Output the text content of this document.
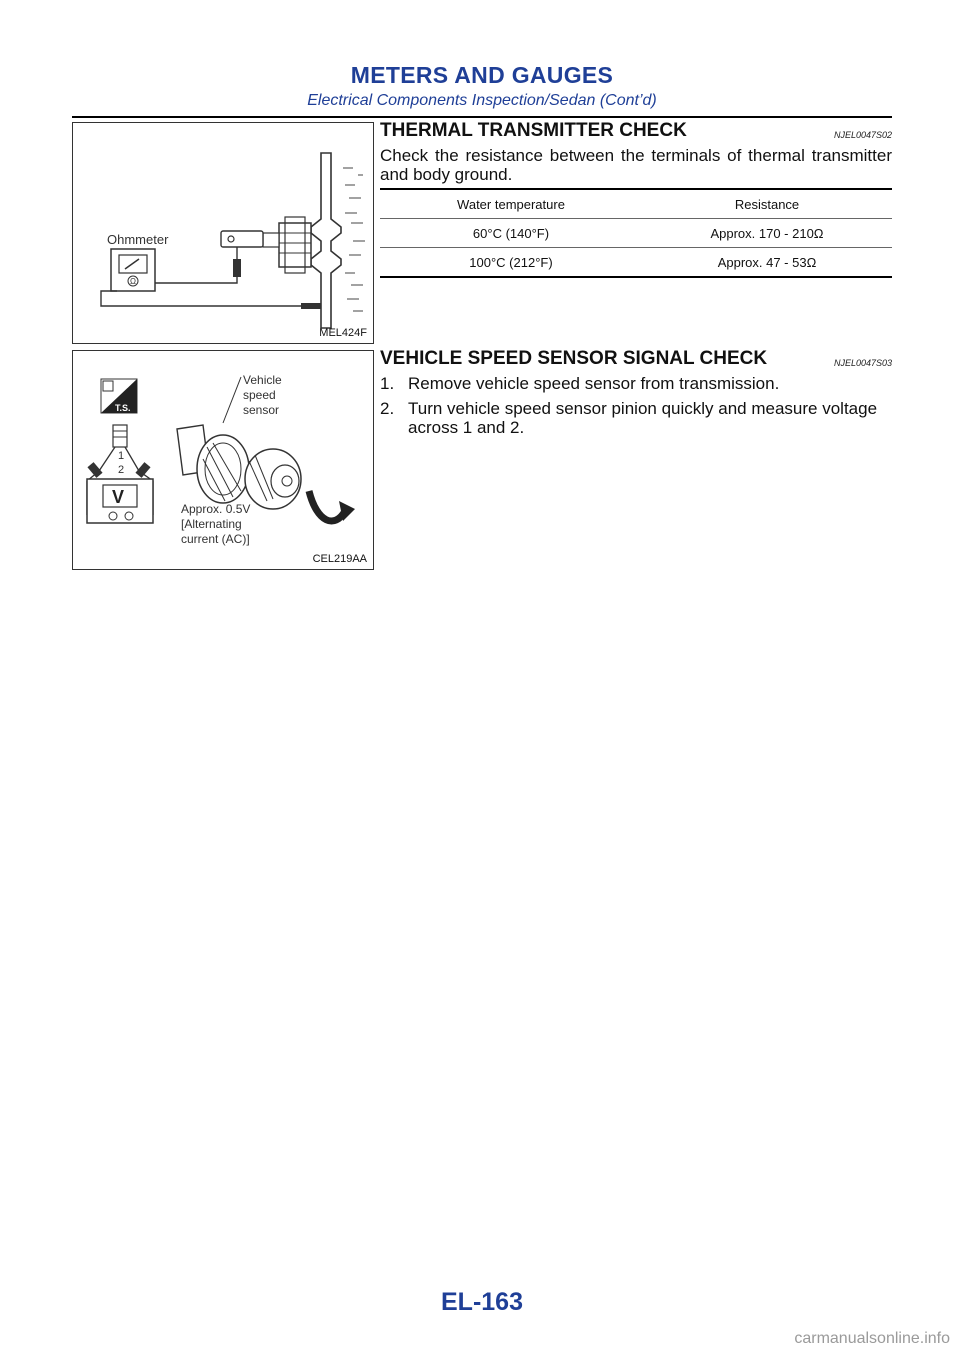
METERS AND GAUGES
Electrical Components Inspection/Sedan (Cont’d)
Ω
Ohmmeter
MEL424F
THERMAL TRANSMITTER CHECK	NJEL0047S02

Check the resistance between the terminals of thermal transmitter and body ground.

Water temperature	Resistance
60°C (140°F)	Approx. 170 - 210Ω
100°C (212°F)	Approx. 47 - 53Ω
T.S.
1
2
V
Vehicle
speed
sensor
Approx. 0.5V
[Alternating
current (AC)]
CEL219AA
VEHICLE SPEED SENSOR SIGNAL CHECK	NJEL0047S03
1. Remove vehicle speed sensor from transmission.
2. Turn vehicle speed sensor pinion quickly and measure voltage across 1 and 2.
EL-163
carmanualsonline.info
